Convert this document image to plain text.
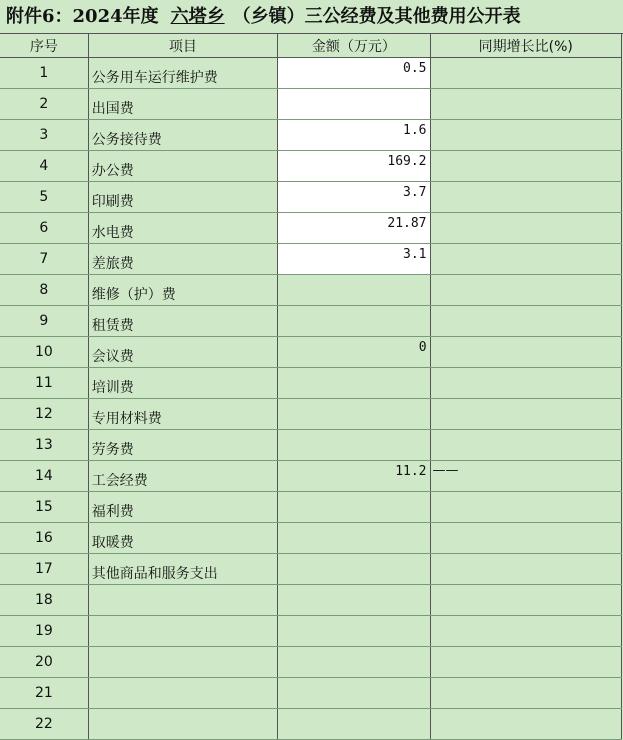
附件6：2024年度 六塔乡 （乡镇）三公经费及其他费用公开表
序号	项目	金额（万元）	同期增长比(%)
1	公务用车运行维护费	0.5	
2	出国费		
3	公务接待费	1.6	
4	办公费	169.2	
5	印刷费	3.7	
6	水电费	21.87	
7	差旅费	3.1	
8	维修（护）费		
9	租赁费		
10	会议费	0	
11	培训费		
12	专用材料费		
13	劳务费		
14	工会经费	11.2	——
15	福利费		
16	取暖费		
17	其他商品和服务支出		
18			
19			
20			
21			
22			
